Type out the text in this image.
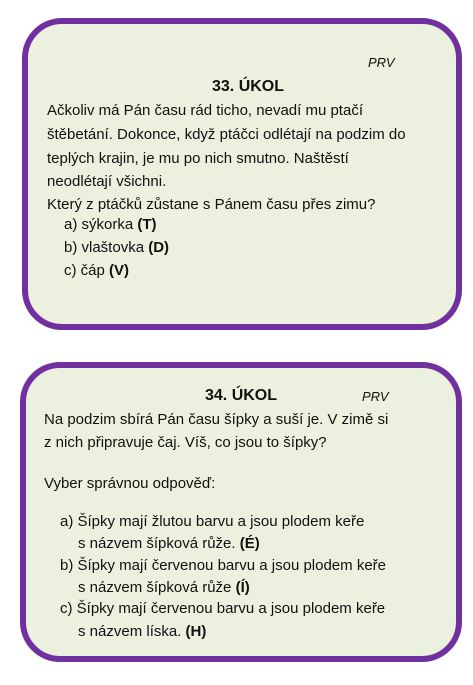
PRV
33. ÚKOL
Ačkoliv má Pán času rád ticho, nevadí mu ptačí
štěbetání. Dokonce, když ptáčci odlétají na podzim do
teplých krajin, je mu po nich smutno. Naštěstí
neodlétají všichni.
Který z ptáčků zůstane s Pánem času přes zimu?
a) sýkorka (T)
b) vlaštovka (D)
c) čáp (V)
34. ÚKOL	PRV
Na podzim sbírá Pán času šípky a suší je. V zimě si
z nich připravuje čaj. Víš, co jsou to šípky?
Vyber správnou odpověď:
a) Šípky mají žlutou barvu a jsou plodem keře
s názvem šípková růže. (É)
b) Šípky mají červenou barvu a jsou plodem keře
s názvem šípková růže (Í)
c) Šípky mají červenou barvu a jsou plodem keře
s názvem líska. (H)
